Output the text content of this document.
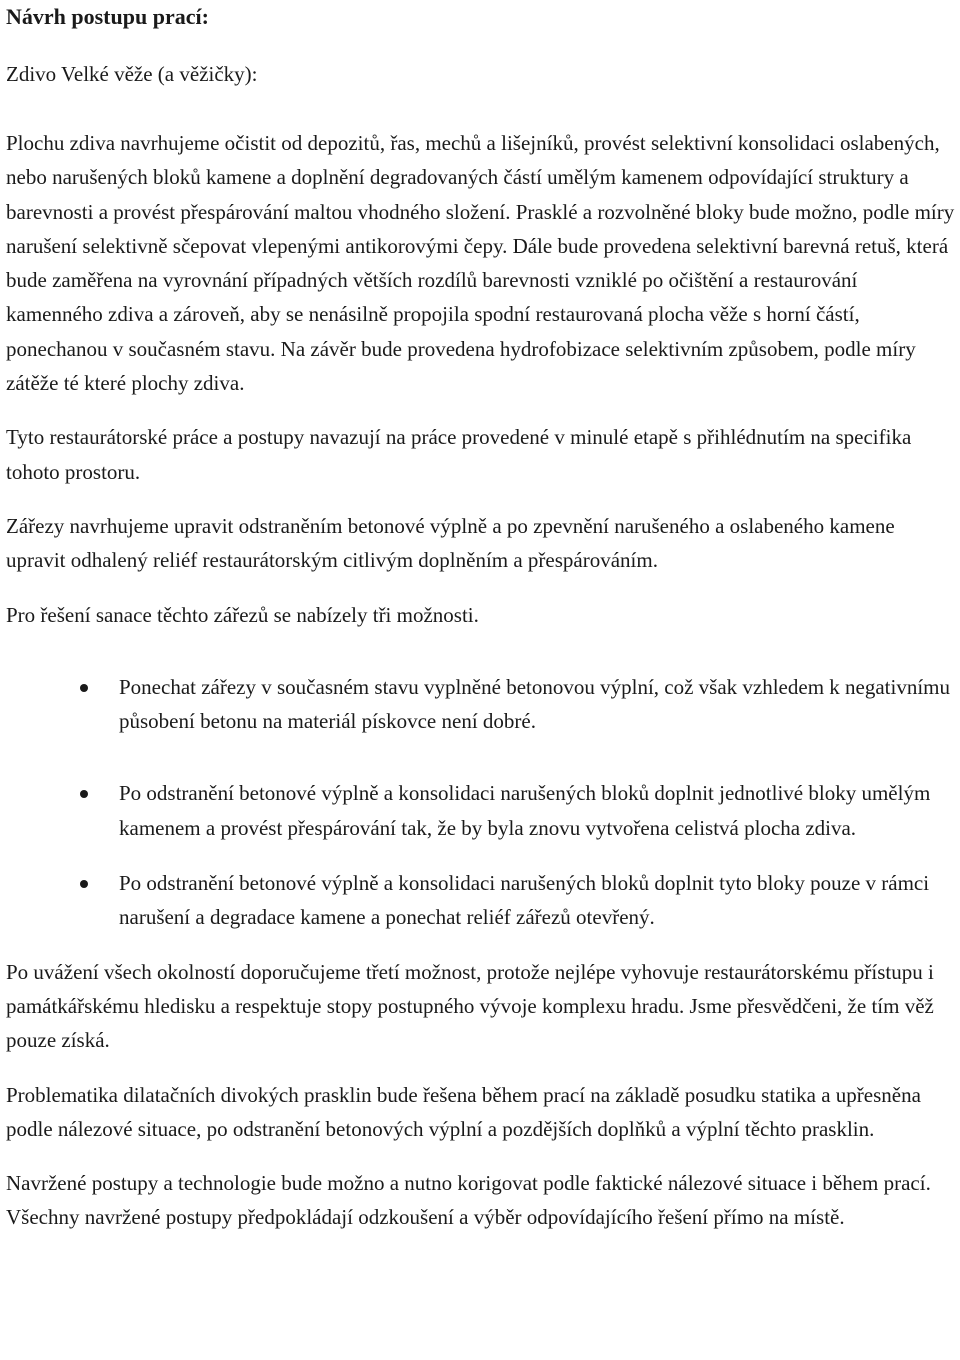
Návrh postupu prací:

Zdivo Velké věže (a věžičky):

Plochu zdiva navrhujeme očistit od depozitů, řas, mechů a lišejníků, provést selektivní konsolidaci oslabených, nebo narušených bloků kamene a doplnění degradovaných částí umělým kamenem odpovídající struktury a barevnosti a provést přespárování maltou vhodného složení. Prasklé a rozvolněné bloky bude možno, podle míry narušení selektivně sčepovat vlepenými antikorovými čepy. Dále bude provedena selektivní barevná retuš, která bude zaměřena na vyrovnání případných větších rozdílů barevnosti vzniklé po očištění a restaurování kamenného zdiva a zároveň, aby se nenásilně propojila spodní restaurovaná plocha věže s horní částí, ponechanou v současném stavu. Na závěr bude provedena hydrofobizace selektivním způsobem, podle míry zátěže té které plochy zdiva.

Tyto restaurátorské práce a postupy navazují na práce provedené v minulé etapě s přihlédnutím na specifika tohoto prostoru.

Zářezy navrhujeme upravit odstraněním betonové výplně a po zpevnění narušeného a oslabeného kamene upravit odhalený reliéf restaurátorským citlivým doplněním a přespárováním.

Pro řešení sanace těchto zářezů se nabízely tři možnosti.

Ponechat zářezy v současném stavu vyplněné betonovou výplní, což však vzhledem k negativnímu působení betonu na materiál pískovce není dobré.
Po odstranění betonové výplně a konsolidaci narušených bloků doplnit jednotlivé bloky umělým kamenem a provést přespárování tak, že by byla znovu vytvořena celistvá plocha zdiva.
Po odstranění betonové výplně a konsolidaci narušených bloků doplnit tyto bloky pouze v rámci narušení a degradace kamene a ponechat reliéf zářezů otevřený.

Po uvážení všech okolností doporučujeme třetí možnost, protože nejlépe vyhovuje restaurátorskému přístupu i památkářskému hledisku a respektuje stopy postupného vývoje komplexu hradu. Jsme přesvědčeni, že tím věž pouze získá.

Problematika dilatačních divokých prasklin bude řešena během prací na základě posudku statika a upřesněna podle nálezové situace, po odstranění betonových výplní a pozdějších doplňků a výplní těchto prasklin.

Navržené postupy a technologie bude možno a nutno korigovat podle faktické nálezové situace i během prací. Všechny navržené postupy předpokládají odzkoušení a výběr odpovídajícího řešení přímo na místě.
